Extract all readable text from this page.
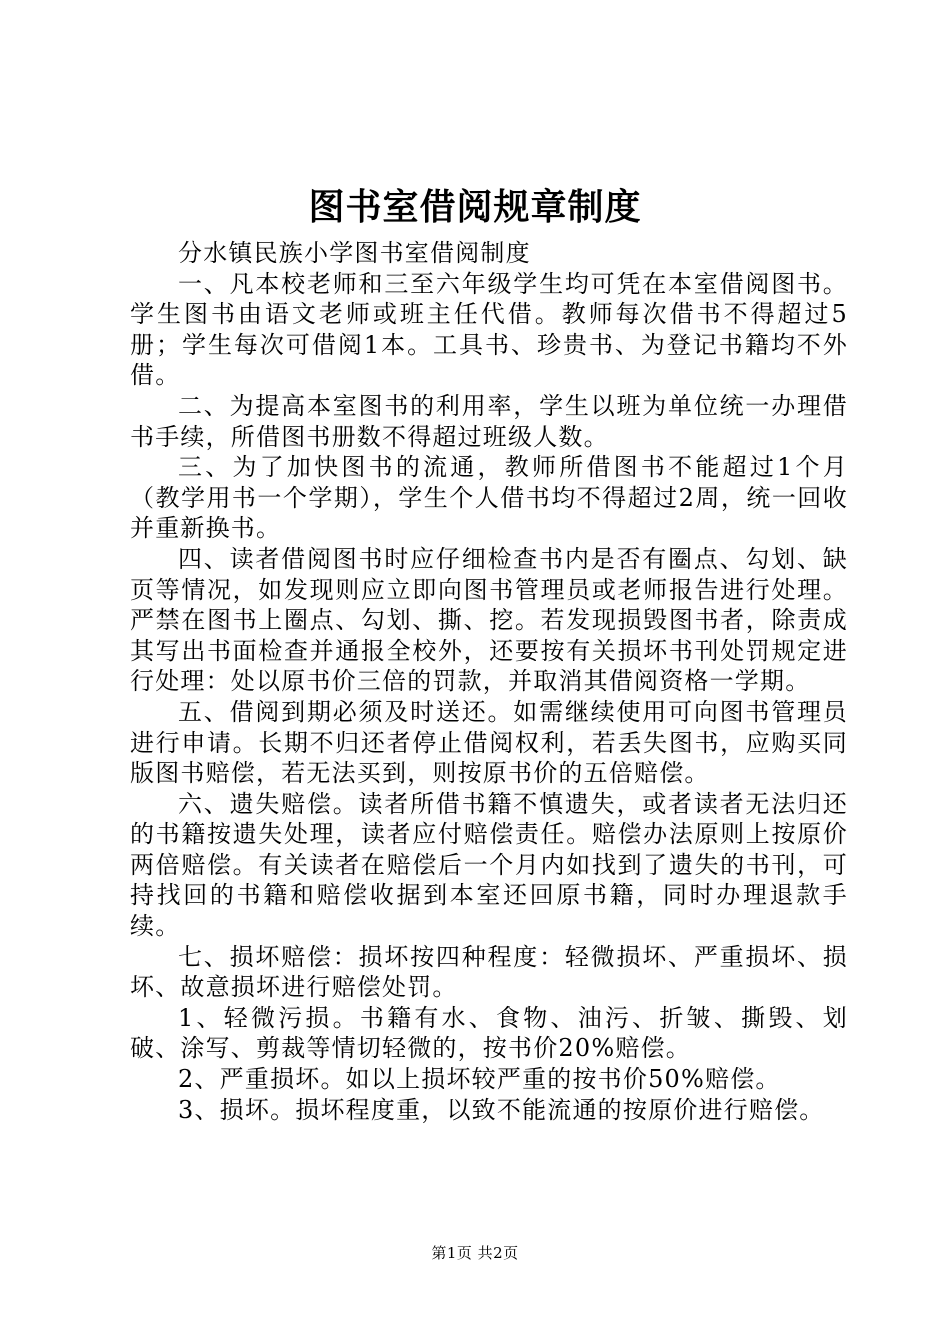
图书室借阅规章制度

分水镇民族小学图书室借阅制度

一、凡本校老师和三至六年级学生均可凭在本室借阅图书。学生图书由语文老师或班主任代借。教师每次借书不得超过5册；学生每次可借阅1本。工具书、珍贵书、为登记书籍均不外借。

二、为提高本室图书的利用率，学生以班为单位统一办理借书手续，所借图书册数不得超过班级人数。

三、为了加快图书的流通，教师所借图书不能超过1个月（教学用书一个学期），学生个人借书均不得超过2周，统一回收并重新换书。

四、读者借阅图书时应仔细检查书内是否有圈点、勾划、缺页等情况，如发现则应立即向图书管理员或老师报告进行处理。严禁在图书上圈点、勾划、撕、挖。若发现损毁图书者，除责成其写出书面检查并通报全校外，还要按有关损坏书刊处罚规定进行处理：处以原书价三倍的罚款，并取消其借阅资格一学期。

五、借阅到期必须及时送还。如需继续使用可向图书管理员进行申请。长期不归还者停止借阅权利，若丢失图书，应购买同版图书赔偿，若无法买到，则按原书价的五倍赔偿。

六、遗失赔偿。读者所借书籍不慎遗失，或者读者无法归还的书籍按遗失处理，读者应付赔偿责任。赔偿办法原则上按原价两倍赔偿。有关读者在赔偿后一个月内如找到了遗失的书刊，可持找回的书籍和赔偿收据到本室还回原书籍，同时办理退款手续。

七、损坏赔偿：损坏按四种程度：轻微损坏、严重损坏、损坏、故意损坏进行赔偿处罚。

1、轻微污损。书籍有水、食物、油污、折皱、撕毁、划破、涂写、剪裁等情切轻微的，按书价20%赔偿。

2、严重损坏。如以上损坏较严重的按书价50%赔偿。

3、损坏。损坏程度重，以致不能流通的按原价进行赔偿。

第1页 共2页
